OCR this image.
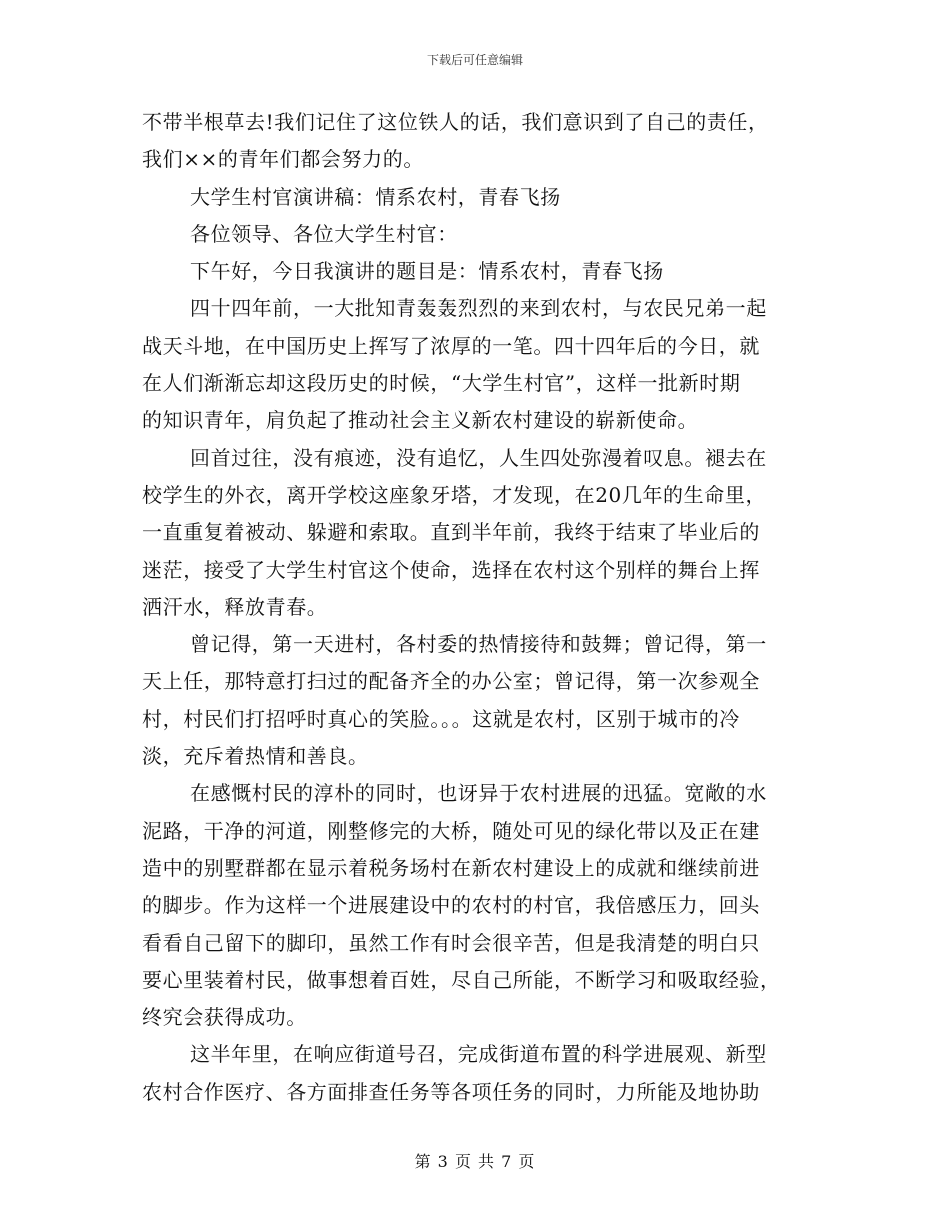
下载后可任意编辑
不带半根草去!我们记住了这位铁人的话，我们意识到了自己的责任，
我们××的青年们都会努力的。
大学生村官演讲稿：情系农村，青春飞扬
各位领导、各位大学生村官：
下午好，今日我演讲的题目是：情系农村，青春飞扬
四十四年前，一大批知青轰轰烈烈的来到农村，与农民兄弟一起
战天斗地，在中国历史上挥写了浓厚的一笔。四十四年后的今日，就
在人们渐渐忘却这段历史的时候，“大学生村官”，这样一批新时期
的知识青年，肩负起了推动社会主义新农村建设的崭新使命。
回首过往，没有痕迹，没有追忆，人生四处弥漫着叹息。褪去在
校学生的外衣，离开学校这座象牙塔，才发现，在20几年的生命里，
一直重复着被动、躲避和索取。直到半年前，我终于结束了毕业后的
迷茫，接受了大学生村官这个使命，选择在农村这个别样的舞台上挥
洒汗水，释放青春。
曾记得，第一天进村，各村委的热情接待和鼓舞；曾记得，第一
天上任，那特意打扫过的配备齐全的办公室；曾记得，第一次参观全
村，村民们打招呼时真心的笑脸。。。这就是农村，区别于城市的冷
淡，充斥着热情和善良。
在感慨村民的淳朴的同时，也讶异于农村进展的迅猛。宽敞的水
泥路，干净的河道，刚整修完的大桥，随处可见的绿化带以及正在建
造中的别墅群都在显示着税务场村在新农村建设上的成就和继续前进
的脚步。作为这样一个进展建设中的农村的村官，我倍感压力，回头
看看自己留下的脚印，虽然工作有时会很辛苦，但是我清楚的明白只
要心里装着村民，做事想着百姓，尽自己所能，不断学习和吸取经验，
终究会获得成功。
这半年里，在响应街道号召，完成街道布置的科学进展观、新型
农村合作医疗、各方面排查任务等各项任务的同时，力所能及地协助
第 3 页 共 7 页
